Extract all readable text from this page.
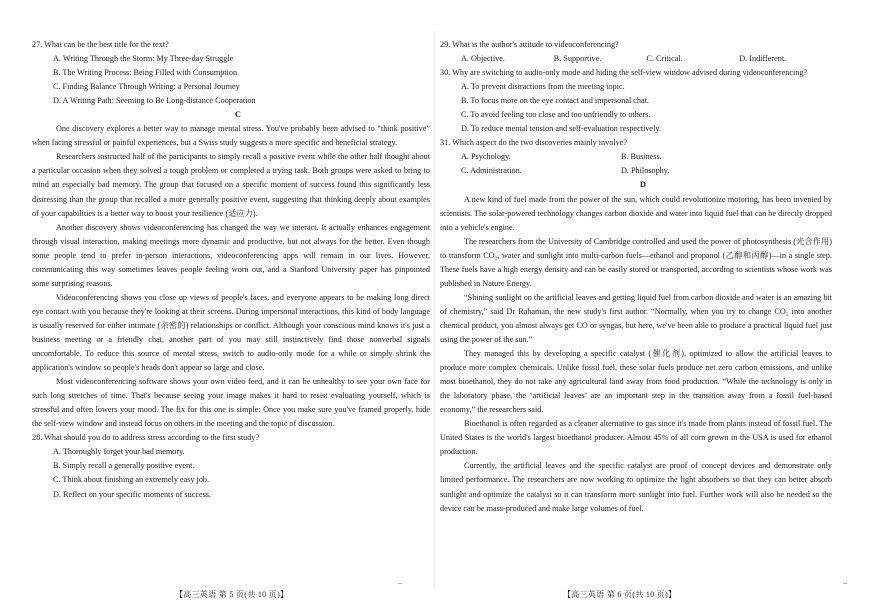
27. What can be the best title for the text?

A. Writing Through the Storm: My Three-day Struggle

B. The Writing Process: Being Filled with Consumption

C. Finding Balance Through Writing: a Personal Journey

D. A Writing Path: Seeming to Be Long-distance Cooperation

C

One discovery explores a better way to manage mental stress. You've probably been advised to “think positive” when facing stressful or painful experiences, but a Swiss study suggests a more specific and beneficial strategy.

Researchers instructed half of the participants to simply recall a positive event while the other half thought about a particular occasion when they solved a tough problem or completed a trying task. Both groups were asked to bring to mind an especially bad memory. The group that focused on a specific moment of success found this significantly less distressing than the group that recalled a more generally positive event, suggesting that thinking deeply about examples of your capabilities is a better way to boost your resilience (适应力).

Another discovery shows videoconferencing has changed the way we interact. It actually enhances engagement through visual interaction, making meetings more dynamic and productive, but not always for the better. Even though some people tend to prefer in-person interactions, videoconferencing apps will remain in our lives. However, communicating this way sometimes leaves people feeling worn out, and a Stanford University paper has pinpointed some surprising reasons.

Videoconferencing shows you close up views of people's faces, and everyone appears to be making long direct eye contact with you because they're looking at their screens. During impersonal interactions, this kind of body language is usually reserved for either intimate (亲密的) relationships or conflict. Although your conscious mind knows it's just a business meeting or a friendly chat, another part of you may still instinctively find those nonverbal signals uncomfortable. To reduce this source of mental stress, switch to audio-only mode for a while or simply shrink the application's window so people's heads don't appear so large and close.

Most videoconferencing software shows your own video feed, and it can be unhealthy to see your own face for such long stretches of time. That's because seeing your image makes it hard to resist evaluating yourself, which is stressful and often lowers your mood. The fix for this one is simple: Once you make sure you've framed properly, hide the self-view window and instead focus on others in the meeting and the topic of discussion.

28. What should you do to address stress according to the first study?

A. Thoroughly forget your bad memory.

B. Simply recall a generally positive event.

C. Think about finishing an extremely easy job.

D. Reflect on your specific moments of success.

–
【高三英语 第 5 页(共 10 页)】

29. What is the author's attitude to videoconferencing?

A. Objective.	B. Supportive.	C. Critical.	D. Indifferent.

30. Why are switching to audio-only mode and hiding the self-view window advised during videoconferencing?

A. To prevent distractions from the meeting topic.

B. To focus more on the eye contact and impersonal chat.

C. To avoid feeling too close and too unfriendly to others.

D. To reduce mental tension and self-evaluation respectively.

31. Which aspect do the two discoveries mainly involve?

A. Psychology.	B. Business.
C. Administration.	D. Philosophy.

D

A new kind of fuel made from the power of the sun, which could revolutionize motoring, has been invented by scientists. The solar-powered technology changes carbon dioxide and water into liquid fuel that can be directly dropped into a vehicle's engine.

The researchers from the University of Cambridge controlled and used the power of photosynthesis (光合作用) to transform CO₂, water and sunlight into multi-carbon fuels—ethanol and propanol (乙醇和丙醇)—in a single step. These fuels have a high energy density and can be easily stored or transported, according to scientists whose work was published in Nature Energy.

“Shining sunlight on the artificial leaves and getting liquid fuel from carbon dioxide and water is an amazing bit of chemistry,” said Dr Rahaman, the new study's first author. “Normally, when you try to change CO₂ into another chemical product, you almost always get CO or syngas, but here, we've been able to produce a practical liquid fuel just using the power of the sun.”

They managed this by developing a specific catalyst (催化剂), optimized to allow the artificial leaves to produce more complex chemicals. Unlike fossil fuel, these solar fuels produce net zero carbon emissions, and unlike most bioethanol, they do not take any agricultural land away from food production. “While the technology is only in the laboratory phase, the ‘artificial leaves’ are an important step in the transition away from a fossil fuel-based economy,” the researchers said.

Bioethanol is often regarded as a cleaner alternative to gas since it's made from plants instead of fossil fuel. The United States is the world's largest bioethanol producer. Almost 45% of all corn grown in the USA is used for ethanol production.

Currently, the artificial leaves and the specific catalyst are proof of concept devices and demonstrate only limited performance. The researchers are now working to optimize the light absorbers so that they can better absorb sunlight and optimize the catalyst so it can transform more sunlight into fuel. Further work will also be needed so the device can be mass-produced and make large volumes of fuel.

–
【高三英语 第 6 页(共 10 页)】
